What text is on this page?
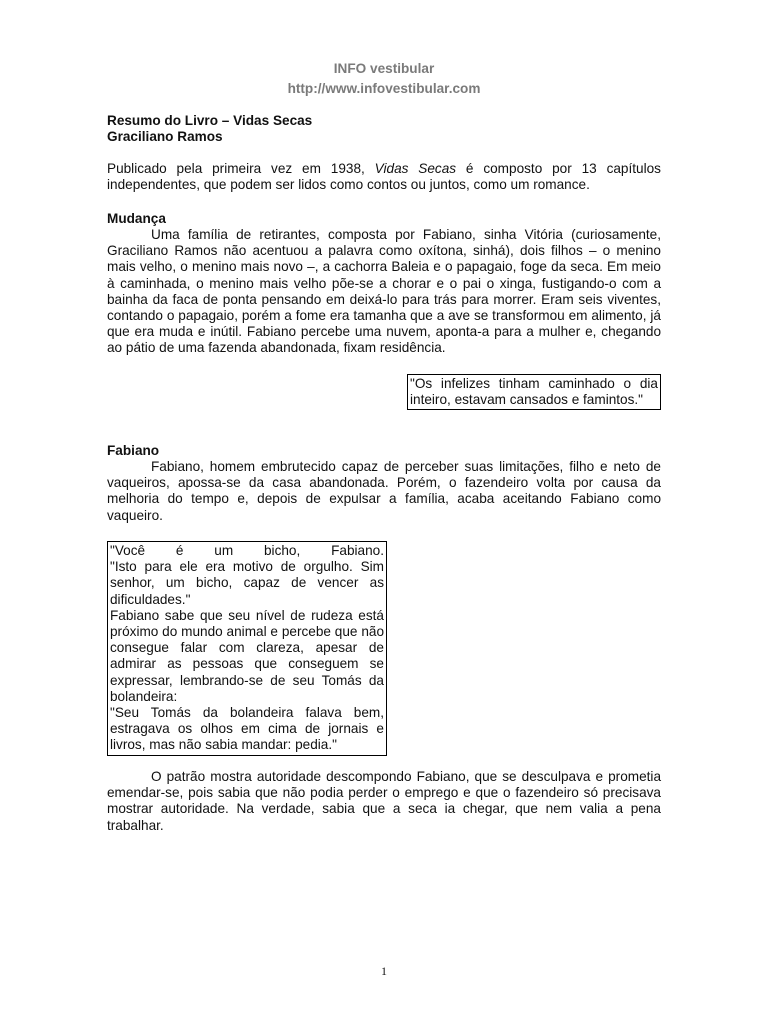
INFO vestibular
http://www.infovestibular.com
Resumo do Livro – Vidas Secas
Graciliano Ramos
Publicado pela primeira vez em 1938, Vidas Secas é composto por 13 capítulos independentes, que podem ser lidos como contos ou juntos, como um romance.
Mudança
Uma família de retirantes, composta por Fabiano, sinha Vitória (curiosamente, Graciliano Ramos não acentuou a palavra como oxítona, sinhá), dois filhos – o menino mais velho, o menino mais novo –, a cachorra Baleia e o papagaio, foge da seca. Em meio à caminhada, o menino mais velho põe-se a chorar e o pai o xinga, fustigando-o com a bainha da faca de ponta pensando em deixá-lo para trás para morrer. Eram seis viventes, contando o papagaio, porém a fome era tamanha que a ave se transformou em alimento, já que era muda e inútil. Fabiano percebe uma nuvem, aponta-a para a mulher e, chegando ao pátio de uma fazenda abandonada, fixam residência.

"Os infelizes tinham caminhado o dia inteiro, estavam cansados e famintos."

Fabiano
Fabiano, homem embrutecido capaz de perceber suas limitações, filho e neto de vaqueiros, apossa-se da casa abandonada. Porém, o fazendeiro volta por causa da melhoria do tempo e, depois de expulsar a família, acaba aceitando Fabiano como vaqueiro.

"Você é um bicho, Fabiano.

"Isto para ele era motivo de orgulho. Sim senhor, um bicho, capaz de vencer as dificuldades."

Fabiano sabe que seu nível de rudeza está próximo do mundo animal e percebe que não consegue falar com clareza, apesar de admirar as pessoas que conseguem se expressar, lembrando-se de seu Tomás da bolandeira:

"Seu Tomás da bolandeira falava bem, estragava os olhos em cima de jornais e livros, mas não sabia mandar: pedia."

O patrão mostra autoridade descompondo Fabiano, que se desculpava e prometia emendar-se, pois sabia que não podia perder o emprego e que o fazendeiro só precisava mostrar autoridade. Na verdade, sabia que a seca ia chegar, que nem valia a pena trabalhar.
1
